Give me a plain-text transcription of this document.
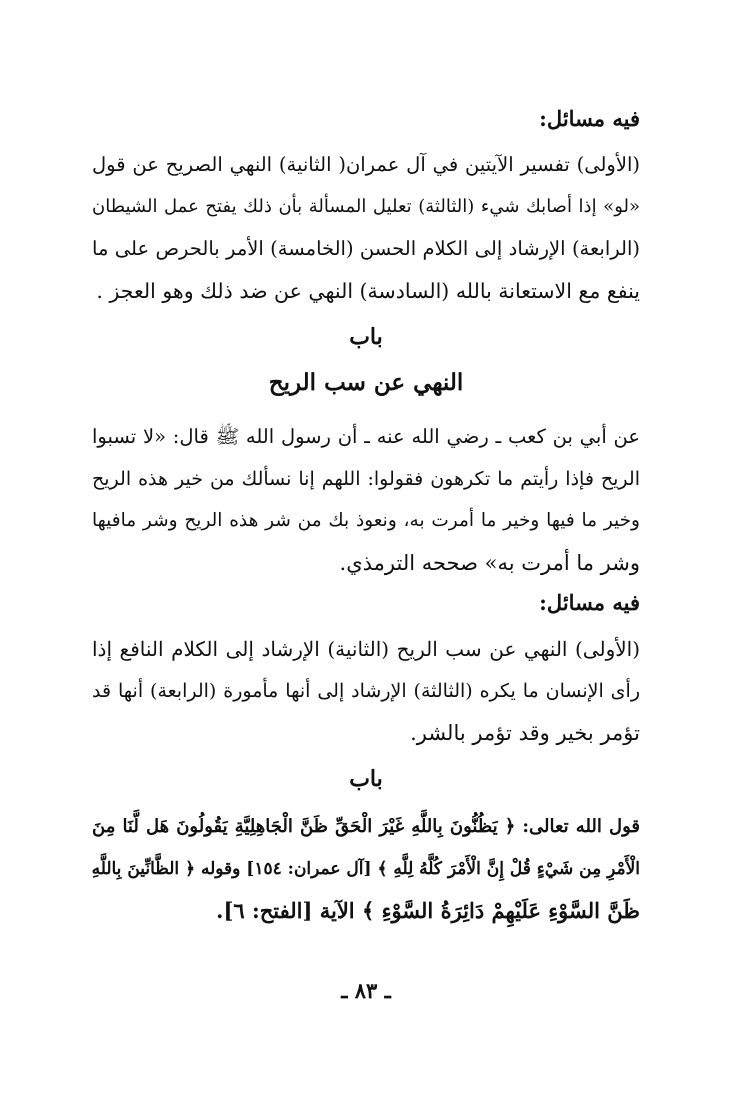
فيه مسائل:
(الأولى) تفسير الآيتين في آل عمران( الثانية) النهي الصريح عن قول
«لو» إذا أصابك شيء (الثالثة) تعليل المسألة بأن ذلك يفتح عمل الشيطان
(الرابعة) الإرشاد إلى الكلام الحسن (الخامسة) الأمر بالحرص على ما
ينفع مع الاستعانة بالله (السادسة) النهي عن ضد ذلك وهو العجز .
باب
النهي عن سب الريح
عن أبي بن كعب ـ رضي الله عنه ـ أن رسول الله ﷺ قال: «لا تسبوا
الريح فإذا رأيتم ما تكرهون فقولوا: اللهم إنا نسألك من خير هذه الريح
وخير ما فيها وخير ما أمرت به، ونعوذ بك من شر هذه الريح وشر مافيها
وشر ما أمرت به» صححه الترمذي.
فيه مسائل:
(الأولى) النهي عن سب الريح (الثانية) الإرشاد إلى الكلام النافع إذا
رأى الإنسان ما يكره (الثالثة) الإرشاد إلى أنها مأمورة (الرابعة) أنها قد
تؤمر بخير وقد تؤمر بالشر.
باب
قول الله تعالى: ﴿ يَظُنُّونَ بِاللَّهِ غَيْرَ الْحَقِّ ظَنَّ الْجَاهِلِيَّةِ يَقُولُونَ هَل لَّنَا مِنَ
الْأَمْرِ مِن شَيْءٍ قُلْ إِنَّ الْأَمْرَ كُلَّهُ لِلَّهِ ﴾ [آل عمران: ١٥٤] وقوله ﴿ الظَّانِّينَ بِاللَّهِ
ظَنَّ السَّوْءِ عَلَيْهِمْ دَائِرَةُ السَّوْءِ ﴾ الآية [الفتح: ٦].
ـ ٨٣ ـ
